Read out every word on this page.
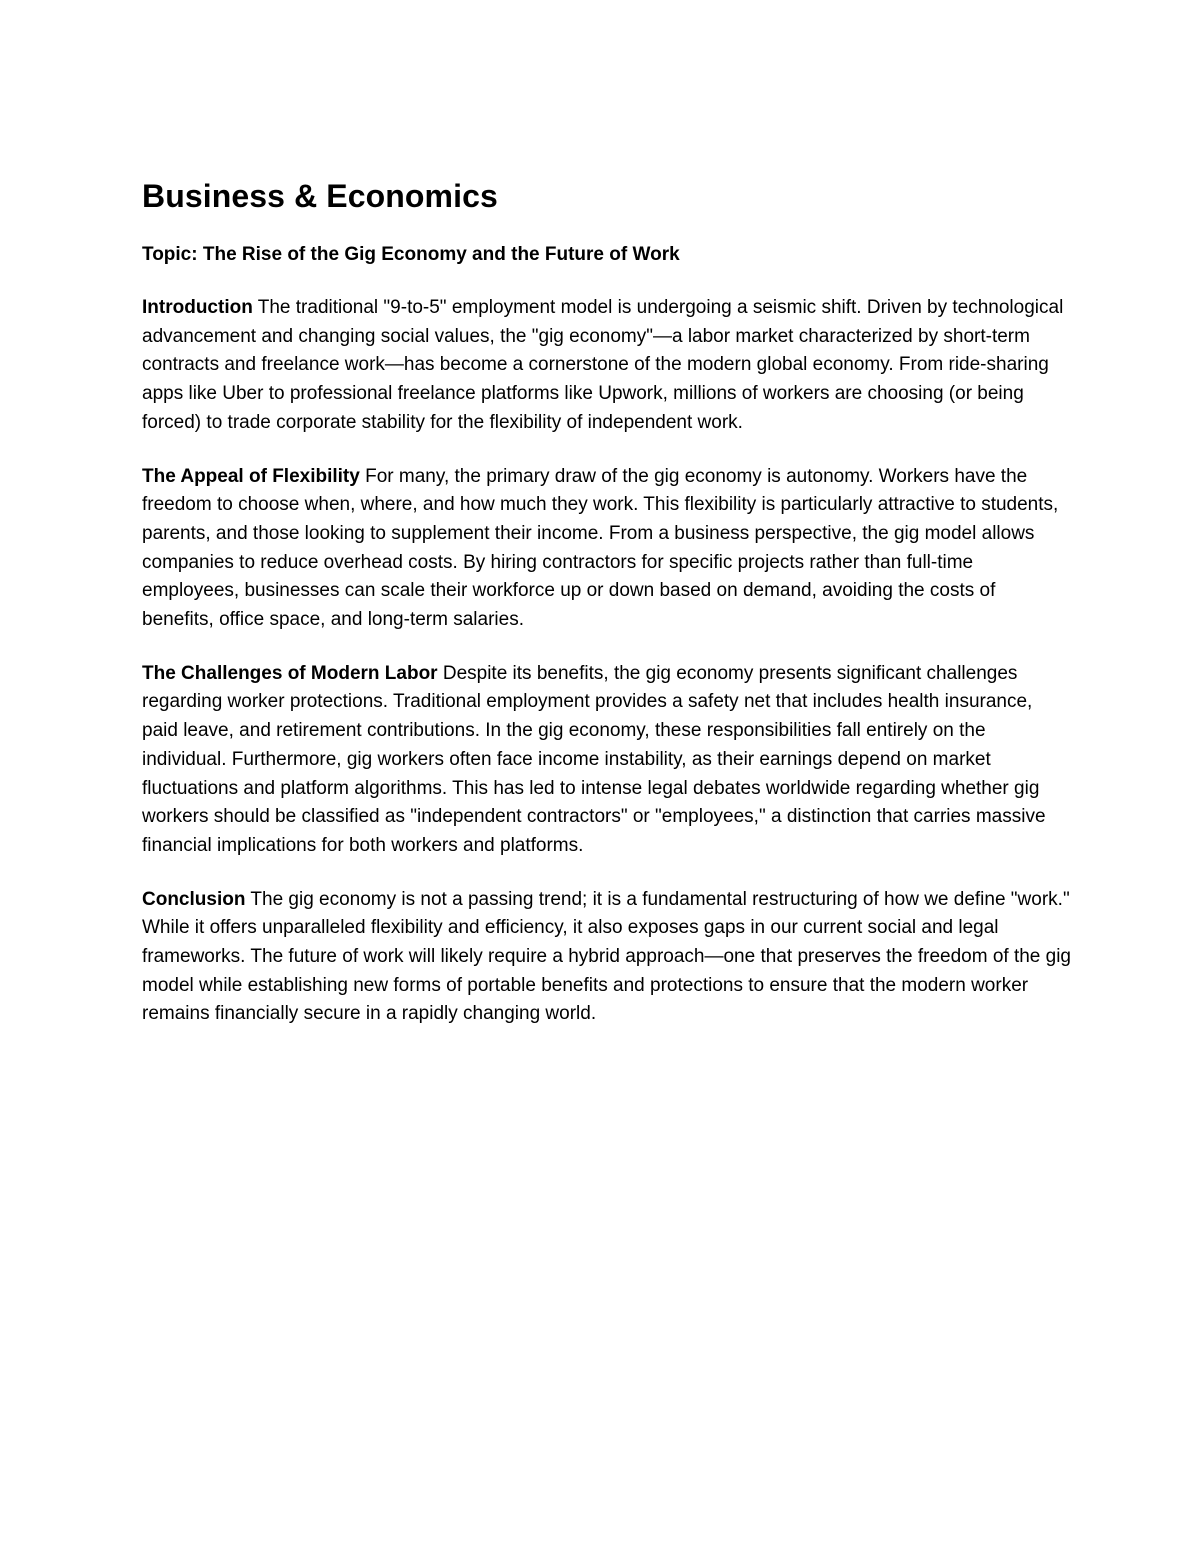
Business & Economics

Topic: The Rise of the Gig Economy and the Future of Work

Introduction The traditional "9-to-5" employment model is undergoing a seismic shift. Driven by technological advancement and changing social values, the "gig economy"—a labor market characterized by short-term contracts and freelance work—has become a cornerstone of the modern global economy. From ride-sharing apps like Uber to professional freelance platforms like Upwork, millions of workers are choosing (or being forced) to trade corporate stability for the flexibility of independent work.

The Appeal of Flexibility For many, the primary draw of the gig economy is autonomy. Workers have the freedom to choose when, where, and how much they work. This flexibility is particularly attractive to students, parents, and those looking to supplement their income. From a business perspective, the gig model allows companies to reduce overhead costs. By hiring contractors for specific projects rather than full-time employees, businesses can scale their workforce up or down based on demand, avoiding the costs of benefits, office space, and long-term salaries.

The Challenges of Modern Labor Despite its benefits, the gig economy presents significant challenges regarding worker protections. Traditional employment provides a safety net that includes health insurance, paid leave, and retirement contributions. In the gig economy, these responsibilities fall entirely on the individual. Furthermore, gig workers often face income instability, as their earnings depend on market fluctuations and platform algorithms. This has led to intense legal debates worldwide regarding whether gig workers should be classified as "independent contractors" or "employees," a distinction that carries massive financial implications for both workers and platforms.

Conclusion The gig economy is not a passing trend; it is a fundamental restructuring of how we define "work." While it offers unparalleled flexibility and efficiency, it also exposes gaps in our current social and legal frameworks. The future of work will likely require a hybrid approach—one that preserves the freedom of the gig model while establishing new forms of portable benefits and protections to ensure that the modern worker remains financially secure in a rapidly changing world.
